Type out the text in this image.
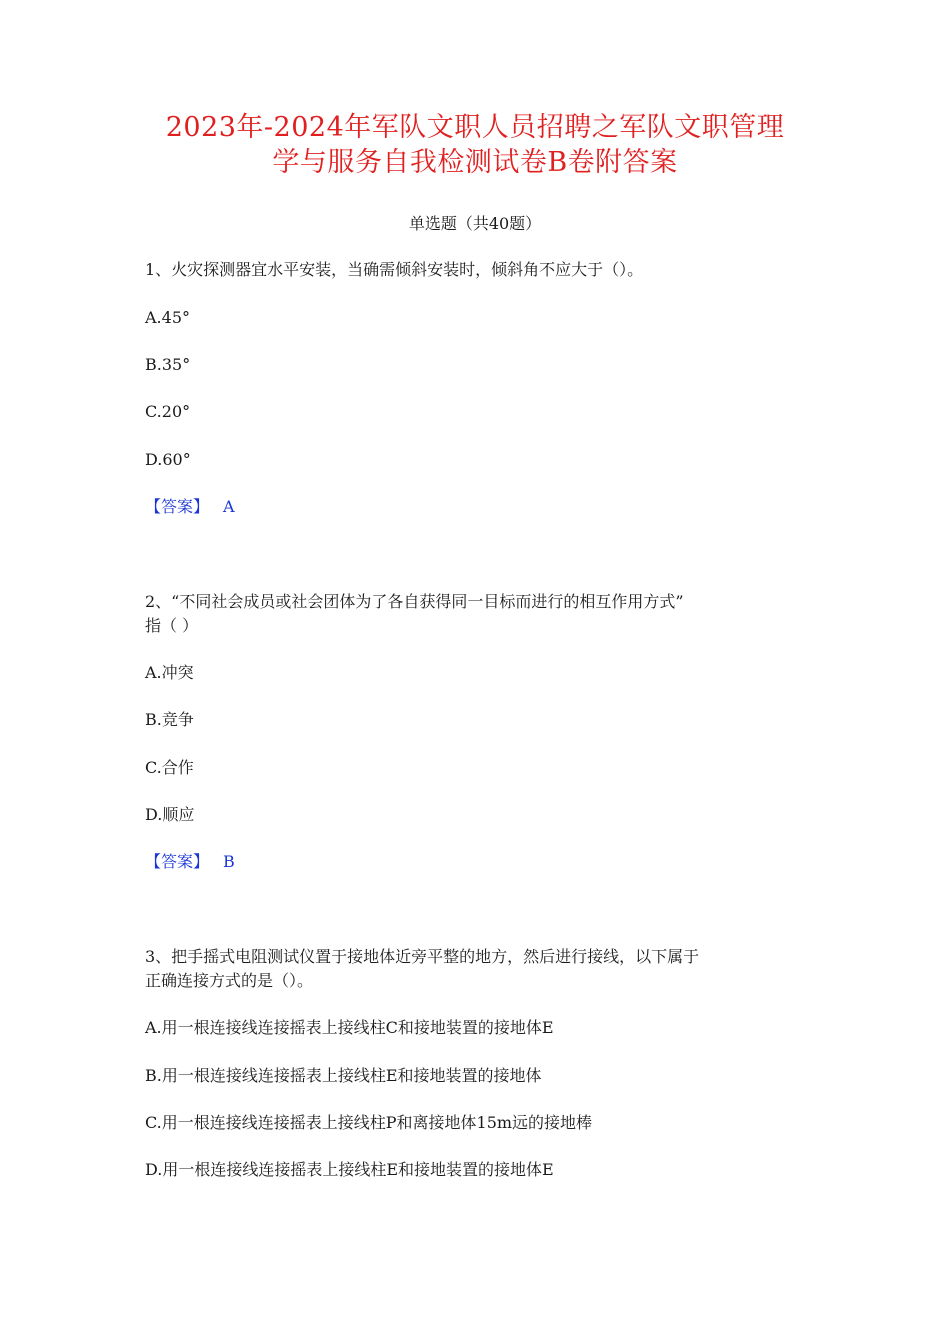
2023年-2024年军队文职人员招聘之军队文职管理
学与服务自我检测试卷B卷附答案
单选题（共40题）
1、火灾探测器宜水平安装，当确需倾斜安装时，倾斜角不应大于（）。
A.45°
B.35°
C.20°
D.60°
【答案】 A
2、“不同社会成员或社会团体为了各自获得同一目标而进行的相互作用方式”
指（ ）
A.冲突
B.竞争
C.合作
D.顺应
【答案】 B
3、把手摇式电阻测试仪置于接地体近旁平整的地方，然后进行接线，以下属于
正确连接方式的是（）。
A.用一根连接线连接摇表上接线柱C和接地装置的接地体E
B.用一根连接线连接摇表上接线柱E和接地装置的接地体
C.用一根连接线连接摇表上接线柱P和离接地体15m远的接地棒
D.用一根连接线连接摇表上接线柱E和接地装置的接地体E
